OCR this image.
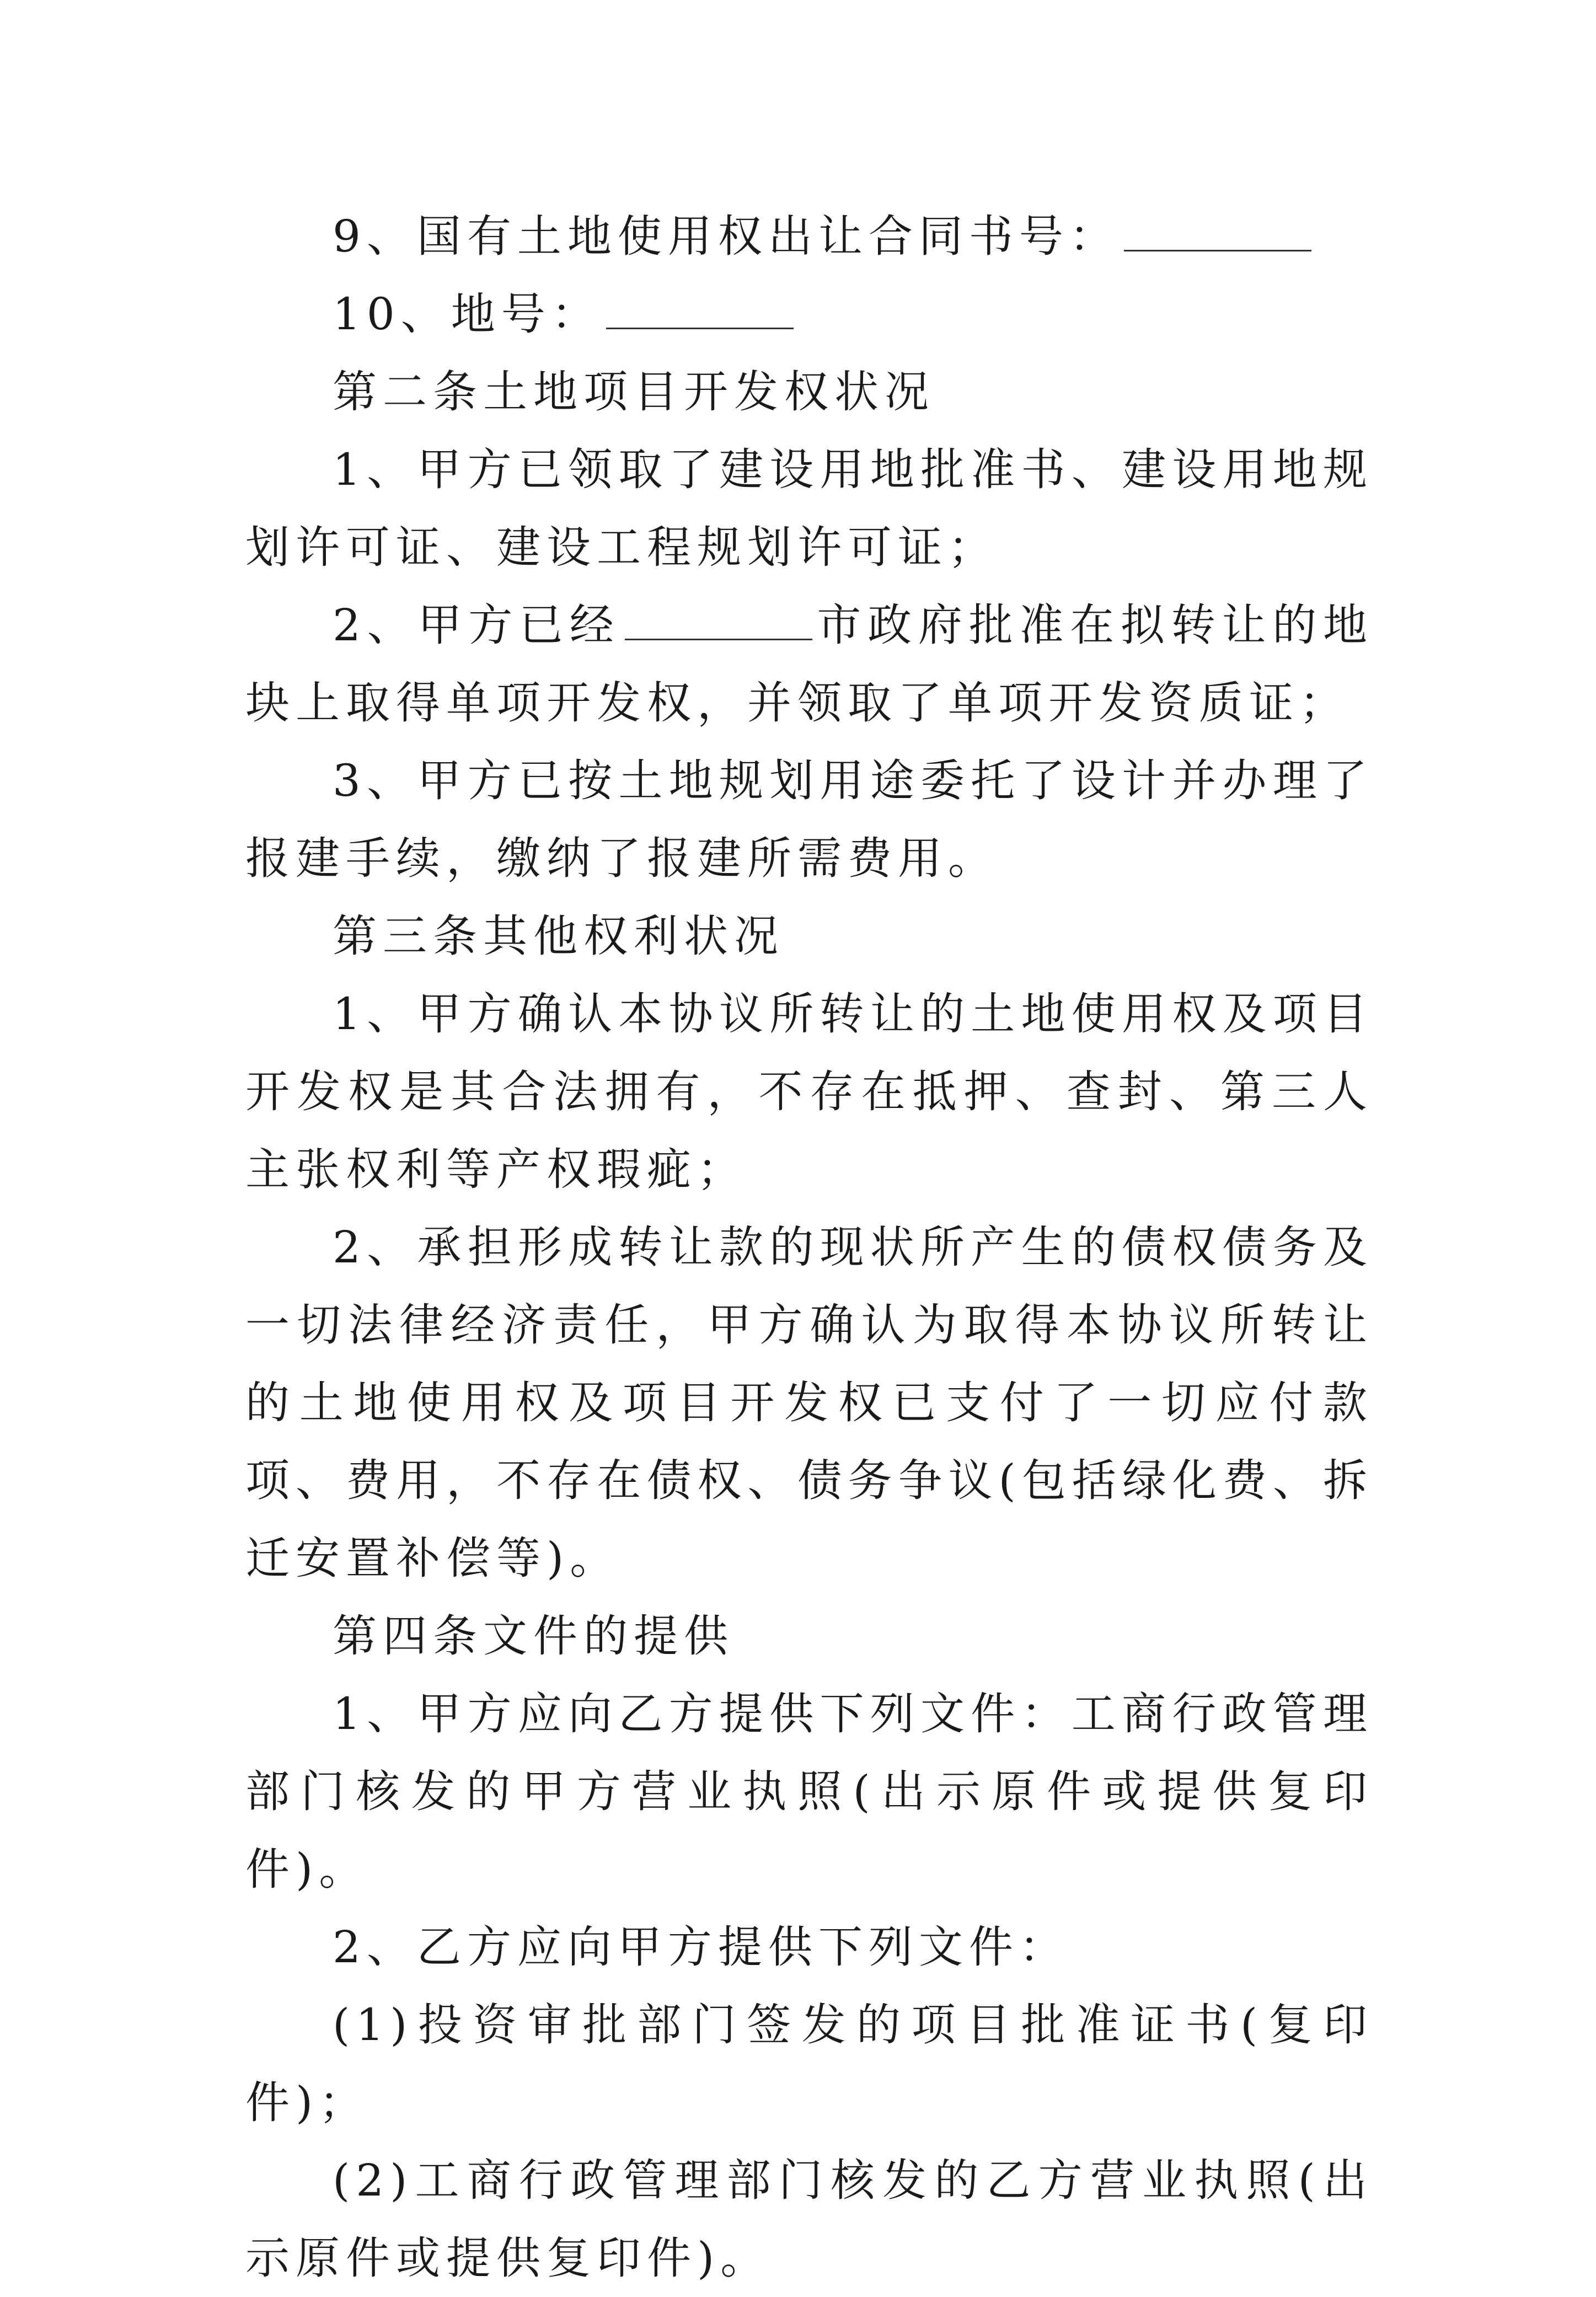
9、国有土地使用权出让合同书号：

10、地号：

第二条土地项目开发权状况

1、甲方已领取了建设用地批准书、建设用地规划许可证、建设工程规划许可证；

2、甲方已经	市政府批准在拟转让的地块上取得单项开发权，并领取了单项开发资质证；

3、甲方已按土地规划用途委托了设计并办理了报建手续，缴纳了报建所需费用。

第三条其他权利状况

1、甲方确认本协议所转让的土地使用权及项目开发权是其合法拥有，不存在抵押、查封、第三人主张权利等产权瑕疵；

2、承担形成转让款的现状所产生的债权债务及一切法律经济责任，甲方确认为取得本协议所转让的土地使用权及项目开发权已支付了一切应付款项、费用，不存在债权、债务争议(包括绿化费、拆迁安置补偿等)。

第四条文件的提供

1、甲方应向乙方提供下列文件：工商行政管理部门核发的甲方营业执照(出示原件或提供复印件)。

2、乙方应向甲方提供下列文件：

(1)投资审批部门签发的项目批准证书(复印件)；

(2)工商行政管理部门核发的乙方营业执照(出示原件或提供复印件)。
